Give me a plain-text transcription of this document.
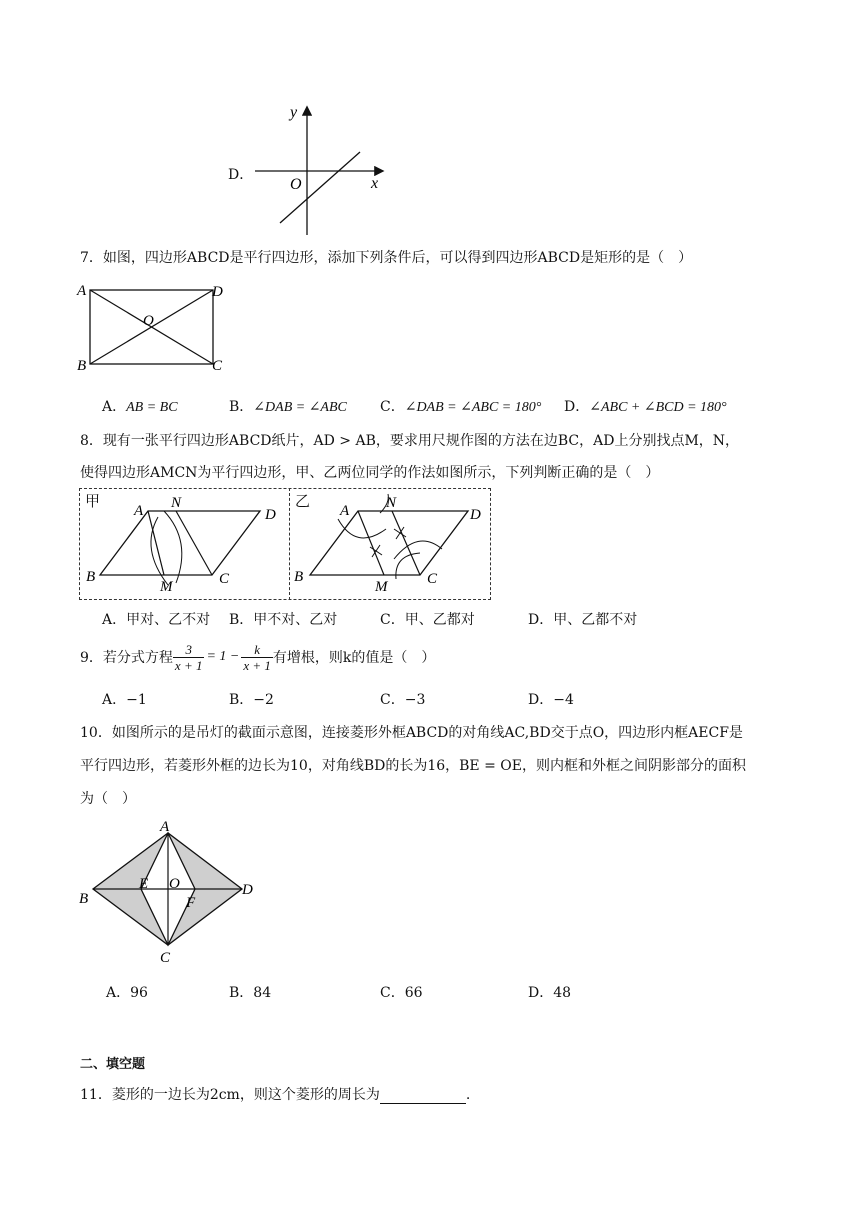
D．
y
x
O
7．如图，四边形ABCD是平行四边形，添加下列条件后，可以得到四边形ABCD是矩形的是（　）
A	D
B	C
O
A．AB = BC	B．∠DAB = ∠ABC C．∠DAB = ∠ABC = 180° D．∠ABC + ∠BCD = 180°
8．现有一张平行四边形ABCD纸片，AD > AB，要求用尺规作图的方法在边BC，AD上分别找点M，N，
使得四边形AMCN为平行四边形，甲、乙两位同学的作法如图所示，下列判断正确的是（　）
甲	乙
A N
D
B
M	C
A N
D
B
M	C
A．甲对、乙不对 B．甲不对、乙对	C．甲、乙都对	D．甲、乙都不对
9．若分式方程 $\frac{3}{x + 1} = 1 - \frac{k}{x + 1}$ 有增根，则k的值是（　）
A．−1	B．−2	C．−3	D．−4
10．如图所示的是吊灯的截面示意图，连接菱形外框ABCD的对角线AC,BD交于点O，四边形内框AECF是
平行四边形，若菱形外框的边长为10，对角线BD的长为16，BE = OE，则内框和外框之间阴影部分的面积
为（　）
A
B
D
C
E O
F
A．96	B．84	C．66	D．48
二、填空题
11．菱形的一边长为2cm，则这个菱形的周长为	.
